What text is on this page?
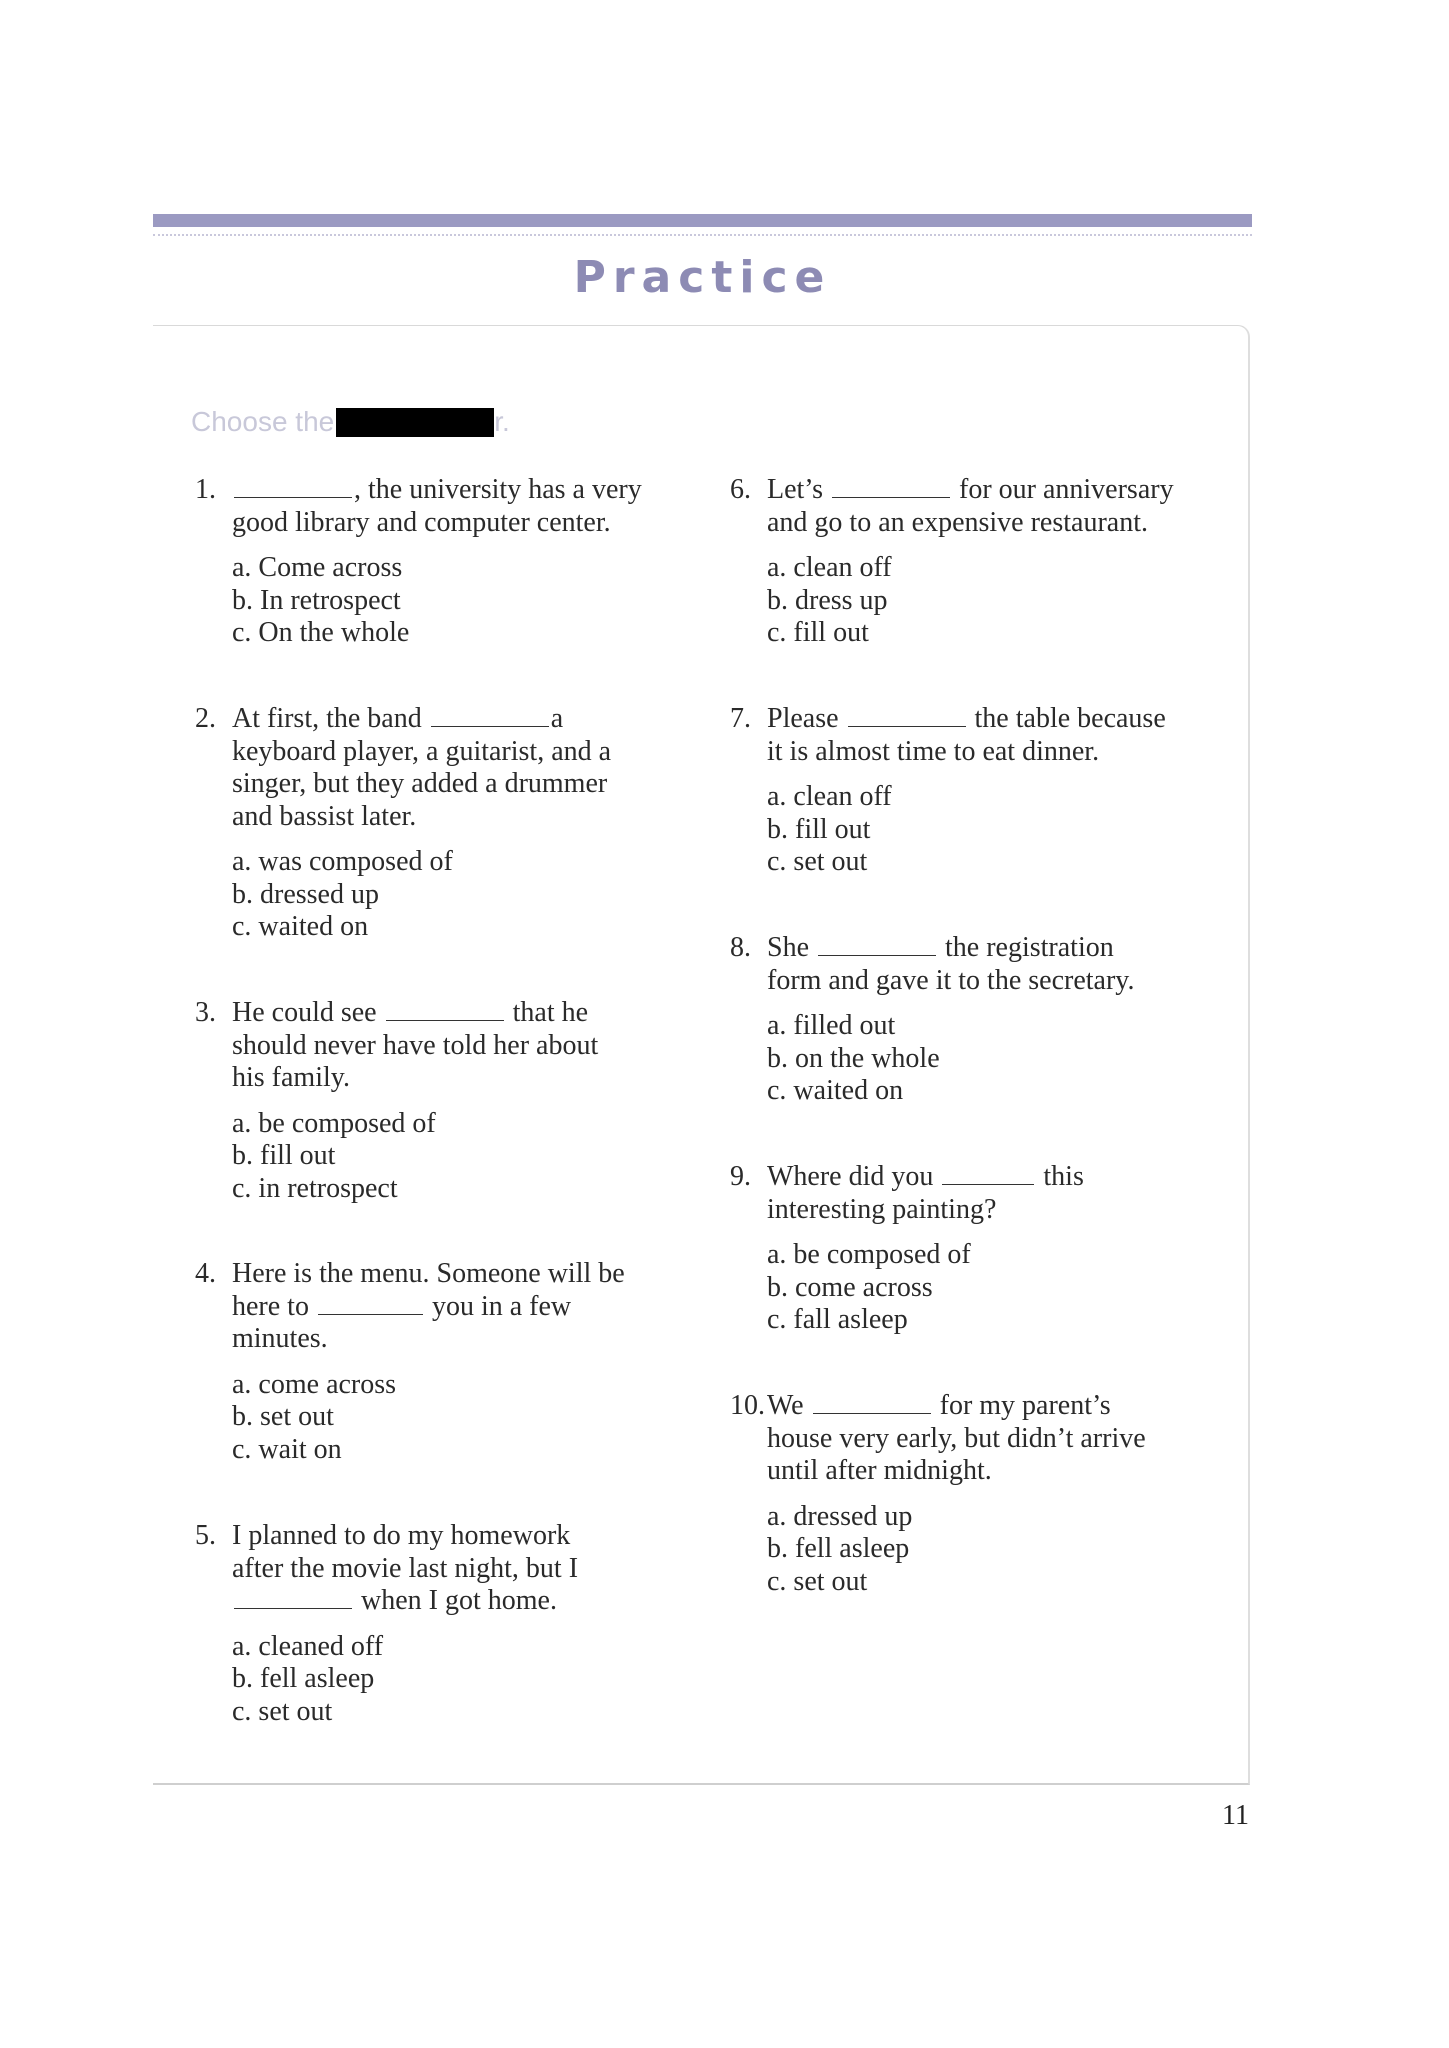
Practice
Choose the	r.
1.	, the university has a very
good library and computer center.
a. Come across
b. In retrospect
c. On the whole
2. At first, the band	a
keyboard player, a guitarist, and a
singer, but they added a drummer
and bassist later.
a. was composed of
b. dressed up
c. waited on
3. He could see	that he
should never have told her about
his family.
a. be composed of
b. fill out
c. in retrospect
4. Here is the menu. Someone will be
here to	you in a few
minutes.
a. come across
b. set out
c. wait on
5. I planned to do my homework
after the movie last night, but I
when I got home.
a. cleaned off
b. fell asleep
c. set out
6. Let’s	for our anniversary
and go to an expensive restaurant.
a. clean off
b. dress up
c. fill out
7. Please	the table because
it is almost time to eat dinner.
a. clean off
b. fill out
c. set out
8. She	the registration
form and gave it to the secretary.
a. filled out
b. on the whole
c. waited on
9. Where did you	this
interesting painting?
a. be composed of
b. come across
c. fall asleep
10.We	for my parent’s
house very early, but didn’t arrive
until after midnight.
a. dressed up
b. fell asleep
c. set out
11
